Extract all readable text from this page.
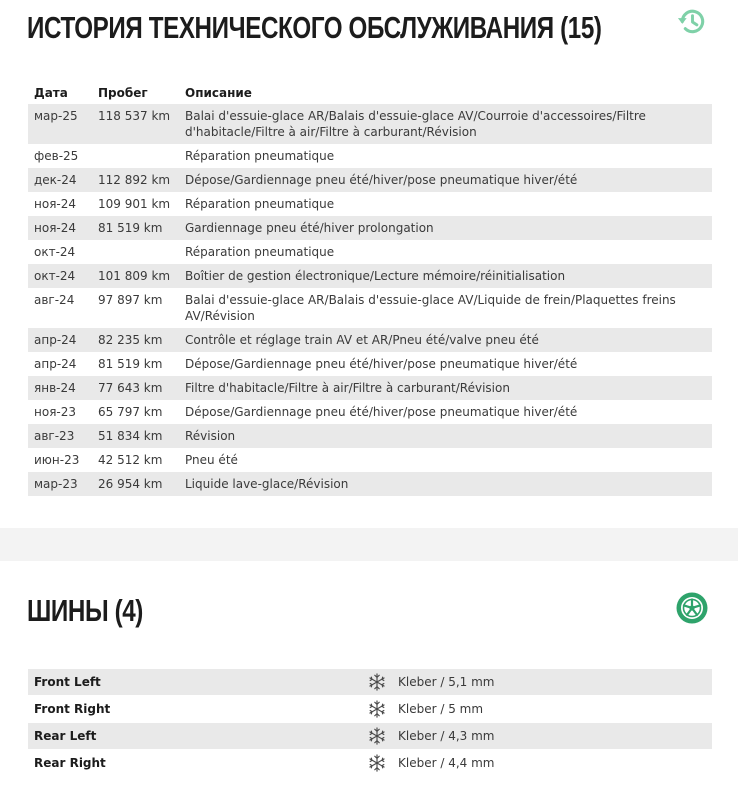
ИСТОРИЯ ТЕХНИЧЕСКОГО ОБСЛУЖИВАНИЯ (15)
Дата	Пробег	Описание
мар-25	118 537 km	Balai d'essuie-glace AR/Balais d'essuie-glace AV/Courroie d'accessoires/Filtre d'habitacle/Filtre à air/Filtre à carburant/Révision
фев-25		Réparation pneumatique
дек-24	112 892 km	Dépose/Gardiennage pneu été/hiver/pose pneumatique hiver/été
ноя-24	109 901 km	Réparation pneumatique
ноя-24	81 519 km	Gardiennage pneu été/hiver prolongation
окт-24		Réparation pneumatique
окт-24	101 809 km	Boîtier de gestion électronique/Lecture mémoire/réinitialisation
авг-24	97 897 km	Balai d'essuie-glace AR/Balais d'essuie-glace AV/Liquide de frein/Plaquettes freins AV/Révision
апр-24	82 235 km	Contrôle et réglage train AV et AR/Pneu été/valve pneu été
апр-24	81 519 km	Dépose/Gardiennage pneu été/hiver/pose pneumatique hiver/été
янв-24	77 643 km	Filtre d'habitacle/Filtre à air/Filtre à carburant/Révision
ноя-23	65 797 km	Dépose/Gardiennage pneu été/hiver/pose pneumatique hiver/été
авг-23	51 834 km	Révision
июн-23	42 512 km	Pneu été
мар-23	26 954 km	Liquide lave-glace/Révision
ШИНЫ (4)
Front Left		Kleber / 5,1 mm
Front Right		Kleber / 5 mm
Rear Left		Kleber / 4,3 mm
Rear Right		Kleber / 4,4 mm
